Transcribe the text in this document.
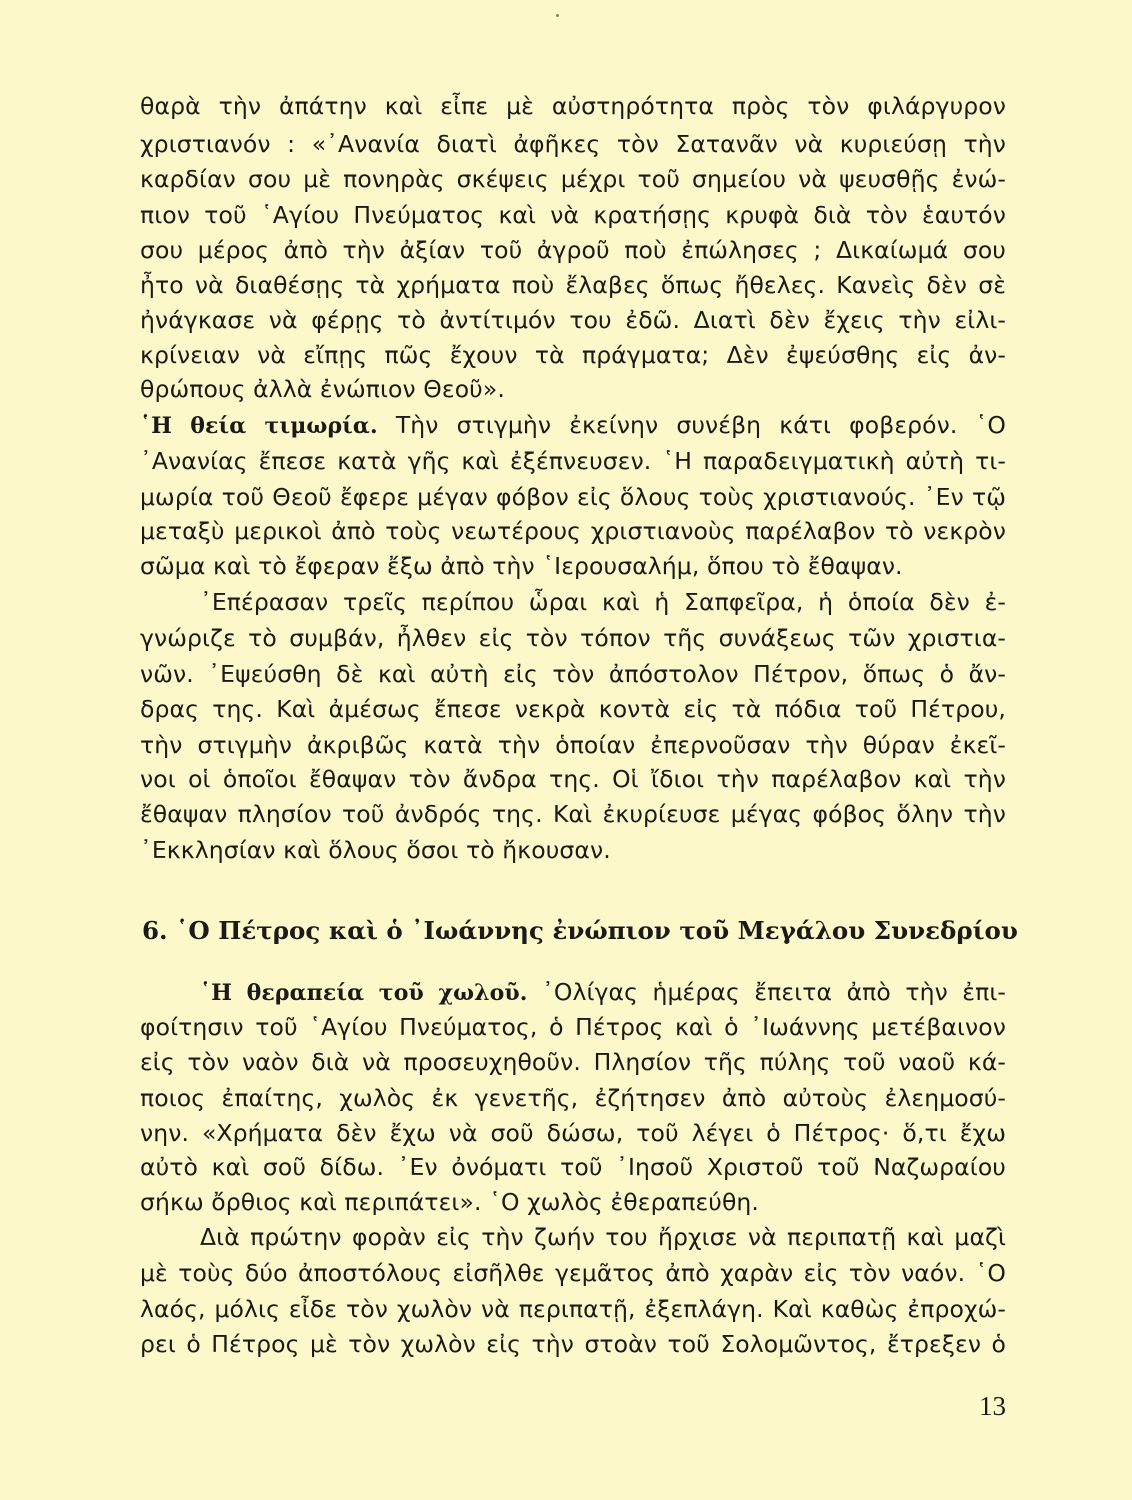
θαρὰ τὴν ἀπάτην καὶ εἶπε μὲ αὐστηρότητα πρὸς τὸν φιλάργυρον
χριστιανόν : «᾿Ανανία διατὶ ἀφῆκες τὸν Σατανᾶν νὰ κυριεύσῃ τὴν
καρδίαν σου μὲ πονηρὰς σκέψεις μέχρι τοῦ σημείου νὰ ψευσθῇς ἐνώ-
πιον τοῦ ῾Αγίου Πνεύματος καὶ νὰ κρατήσῃς κρυφὰ διὰ τὸν ἑαυτόν
σου μέρος ἀπὸ τὴν ἀξίαν τοῦ ἀγροῦ ποὺ ἐπώλησες ; Δικαίωμά σου
ἦτο νὰ διαθέσῃς τὰ χρήματα ποὺ ἔλαβες ὅπως ἤθελες. Κανεὶς δὲν σὲ
ἠνάγκασε νὰ φέρῃς τὸ ἀντίτιμόν του ἐδῶ. Διατὶ δὲν ἔχεις τὴν εἰλι-
κρίνειαν νὰ εἴπῃς πῶς ἔχουν τὰ πράγματα; Δὲν ἐψεύσθης εἰς ἀν-
θρώπους ἀλλὰ ἐνώπιον Θεοῦ».
῾Η θεία τιμωρία. Τὴν στιγμὴν ἐκείνην συνέβη κάτι φοβερόν. ῾Ο
᾿Ανανίας ἔπεσε κατὰ γῆς καὶ ἐξέπνευσεν. ῾Η παραδειγματικὴ αὐτὴ τι-
μωρία τοῦ Θεοῦ ἔφερε μέγαν φόβον εἰς ὅλους τοὺς χριστιανούς. ᾿Εν τῷ
μεταξὺ μερικοὶ ἀπὸ τοὺς νεωτέρους χριστιανοὺς παρέλαβον τὸ νεκρὸν
σῶμα καὶ τὸ ἔφεραν ἔξω ἀπὸ τὴν ῾Ιερουσαλήμ, ὅπου τὸ ἔθαψαν.
᾿Επέρασαν τρεῖς περίπου ὧραι καὶ ἡ Σαπφεῖρα, ἡ ὁποία δὲν ἐ-
γνώριζε τὸ συμβάν, ἦλθεν εἰς τὸν τόπον τῆς συνάξεως τῶν χριστια-
νῶν. ᾿Εψεύσθη δὲ καὶ αὐτὴ εἰς τὸν ἀπόστολον Πέτρον, ὅπως ὁ ἄν-
δρας της. Καὶ ἀμέσως ἔπεσε νεκρὰ κοντὰ εἰς τὰ πόδια τοῦ Πέτρου,
τὴν στιγμὴν ἀκριβῶς κατὰ τὴν ὁποίαν ἐπερνοῦσαν τὴν θύραν ἐκεῖ-
νοι οἱ ὁποῖοι ἔθαψαν τὸν ἄνδρα της. Οἱ ἴδιοι τὴν παρέλαβον καὶ τὴν
ἔθαψαν πλησίον τοῦ ἀνδρός της. Καὶ ἐκυρίευσε μέγας φόβος ὅλην τὴν
᾿Εκκλησίαν καὶ ὅλους ὅσοι τὸ ἤκουσαν.
6. ῾Ο Πέτρος καὶ ὁ ᾿Ιωάννης ἐνώπιον τοῦ Μεγάλου Συνεδρίου
῾Η θεραπεία τοῦ χωλοῦ. ᾿Ολίγας ἡμέρας ἔπειτα ἀπὸ τὴν ἐπι-
φοίτησιν τοῦ ῾Αγίου Πνεύματος, ὁ Πέτρος καὶ ὁ ᾿Ιωάννης μετέβαινον
εἰς τὸν ναὸν διὰ νὰ προσευχηθοῦν. Πλησίον τῆς πύλης τοῦ ναοῦ κά-
ποιος ἐπαίτης, χωλὸς ἐκ γενετῆς, ἐζήτησεν ἀπὸ αὐτοὺς ἐλεημοσύ-
νην. «Χρήματα δὲν ἔχω νὰ σοῦ δώσω, τοῦ λέγει ὁ Πέτρος· ὅ,τι ἔχω
αὐτὸ καὶ σοῦ δίδω. ᾿Εν ὀνόματι τοῦ ᾿Ιησοῦ Χριστοῦ τοῦ Ναζωραίου
σήκω ὄρθιος καὶ περιπάτει». ῾Ο χωλὸς ἐθεραπεύθη.
Διὰ πρώτην φορὰν εἰς τὴν ζωήν του ἤρχισε νὰ περιπατῇ καὶ μαζὶ
μὲ τοὺς δύο ἀποστόλους εἰσῆλθε γεμᾶτος ἀπὸ χαρὰν εἰς τὸν ναόν. ῾Ο
λαός, μόλις εἶδε τὸν χωλὸν νὰ περιπατῇ, ἐξεπλάγη. Καὶ καθὼς ἐπροχώ-
ρει ὁ Πέτρος μὲ τὸν χωλὸν εἰς τὴν στοὰν τοῦ Σολομῶντος, ἔτρεξεν ὁ
13
